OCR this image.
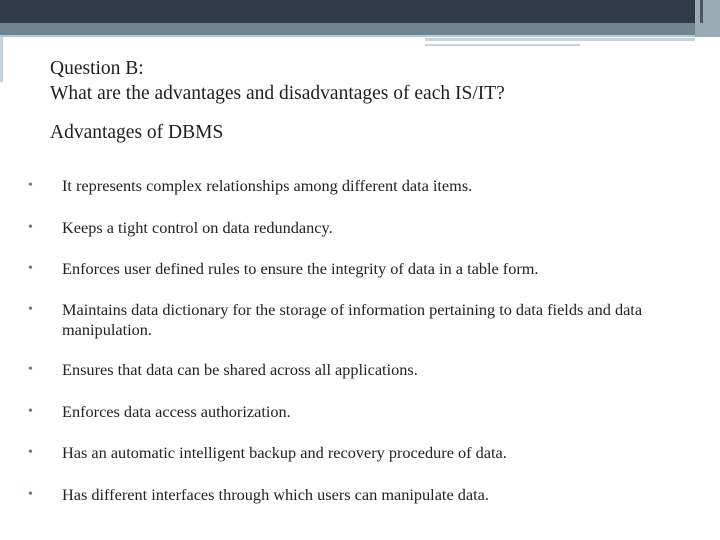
Question B:
What are the advantages and disadvantages of each IS/IT?
Advantages of DBMS
• It represents complex relationships among different data items.
• Keeps a tight control on data redundancy.
• Enforces user defined rules to ensure the integrity of data in a table form.
• Maintains data dictionary for the storage of information pertaining to data fields and data manipulation.
• Ensures that data can be shared across all applications.
• Enforces data access authorization.
• Has an automatic intelligent backup and recovery procedure of data.
• Has different interfaces through which users can manipulate data.
